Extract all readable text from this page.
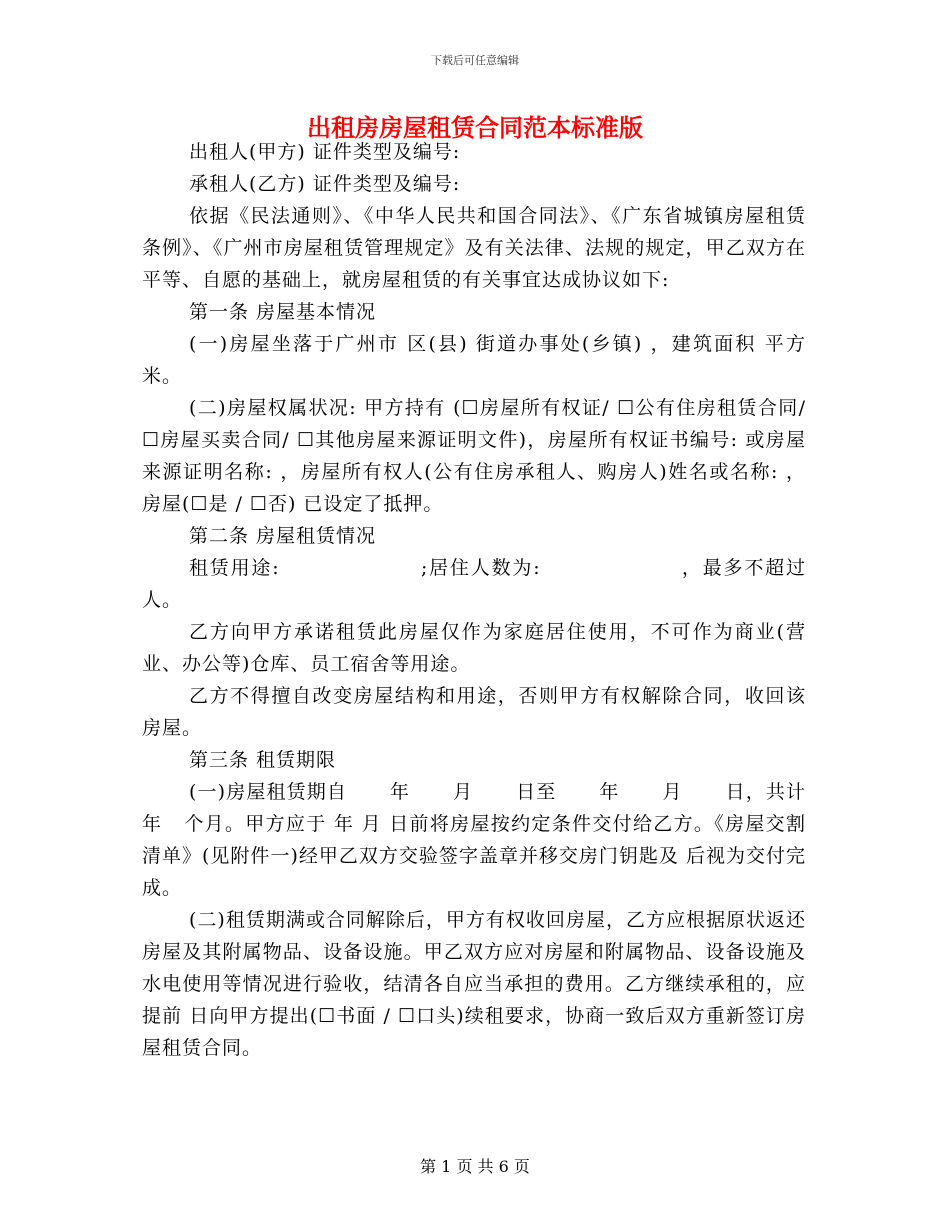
下载后可任意编辑
出租房房屋租赁合同范本标准版

出租人(甲方) 证件类型及编号:

承租人(乙方) 证件类型及编号:

依据《民法通则》、《中华人民共和国合同法》、《广东省城镇房屋租赁条例》、《广州市房屋租赁管理规定》及有关法律、法规的规定，甲乙双方在平等、自愿的基础上，就房屋租赁的有关事宜达成协议如下:

第一条 房屋基本情况

(一)房屋坐落于广州市 区(县) 街道办事处(乡镇) ，建筑面积 平方米。

(二)房屋权属状况: 甲方持有 (☐房屋所有权证/ ☐公有住房租赁合同/ ☐房屋买卖合同/ ☐其他房屋来源证明文件)，房屋所有权证书编号: 或房屋来源证明名称: ，房屋所有权人(公有住房承租人、购房人)姓名或名称: ，房屋(☐是 / ☐否) 已设定了抵押。

第二条 房屋租赁情况

租赁用途:                  ;居住人数为:                  ，最多不超过 人。

乙方向甲方承诺租赁此房屋仅作为家庭居住使用，不可作为商业(营业、办公等)仓库、员工宿舍等用途。

乙方不得擅自改变房屋结构和用途，否则甲方有权解除合同，收回该房屋。

第三条 租赁期限

(一)房屋租赁期自      年      月      日至      年      月      日，共计   年   个月。甲方应于 年 月 日前将房屋按约定条件交付给乙方。《房屋交割清单》(见附件一)经甲乙双方交验签字盖章并移交房门钥匙及 后视为交付完成。

(二)租赁期满或合同解除后，甲方有权收回房屋，乙方应根据原状返还房屋及其附属物品、设备设施。甲乙双方应对房屋和附属物品、设备设施及水电使用等情况进行验收，结清各自应当承担的费用。乙方继续承租的，应提前 日向甲方提出(☐书面 / ☐口头)续租要求，协商一致后双方重新签订房屋租赁合同。

第 1 页 共 6 页
